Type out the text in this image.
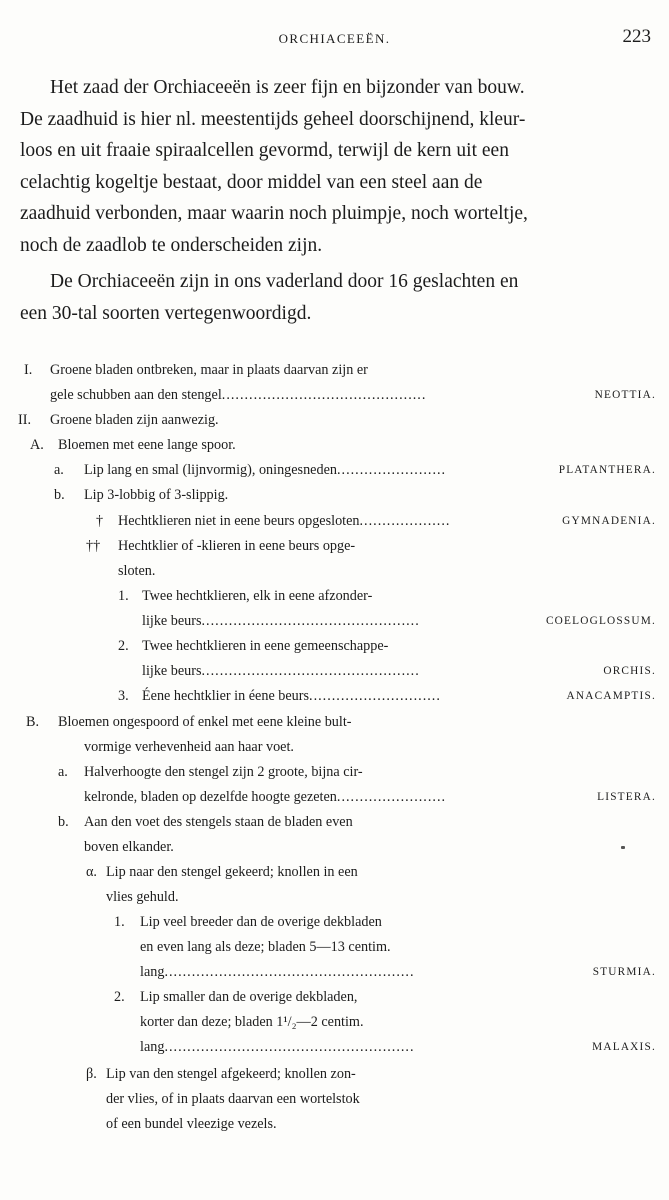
ORCHIACEEËN.	223
Het zaad der Orchiaceeën is zeer fijn en bijzonder van bouw.
De zaadhuid is hier nl. meestentijds geheel doorschijnend, kleur-
loos en uit fraaie spiraalcellen gevormd, terwijl de kern uit een
celachtig kogeltje bestaat, door middel van een steel aan de
zaadhuid verbonden, maar waarin noch pluimpje, noch worteltje,
noch de zaadlob te onderscheiden zijn.
De Orchiaceeën zijn in ons vaderland door 16 geslachten en
een 30-tal soorten vertegenwoordigd.
I. Groene bladen ontbreken, maar in plaats daarvan zijn er
gele schubben aan den stengel.............................................	NEOTTIA.
II. Groene bladen zijn aanwezig.
A. Bloemen met eene lange spoor.
a. Lip lang en smal (lijnvormig), oningesneden........................	PLATANTHERA.
b. Lip 3-lobbig of 3-slippig.
† Hechtklieren niet in eene beurs opgesloten....................	GYMNADENIA.
†† Hechtklier of -klieren in eene beurs opge-
sloten.
1. Twee hechtklieren, elk in eene afzonder-
lijke beurs................................................	COELOGLOSSUM.
2. Twee hechtklieren in eene gemeenschappe-
lijke beurs................................................	ORCHIS.
3. Éene hechtklier in éene beurs.............................	ANACAMPTIS.
B. Bloemen ongespoord of enkel met eene kleine bult-
vormige verhevenheid aan haar voet.
a. Halverhoogte den stengel zijn 2 groote, bijna cir-
kelronde, bladen op dezelfde hoogte gezeten........................	LISTERA.
b. Aan den voet des stengels staan de bladen even
boven elkander.
α. Lip naar den stengel gekeerd; knollen in een
vlies gehuld.
1. Lip veel breeder dan de overige dekbladen
en even lang als deze; bladen 5—13 centim.
lang.......................................................	STURMIA.
2. Lip smaller dan de overige dekbladen,
korter dan deze; bladen 1¹/₂—2 centim.
lang.......................................................	MALAXIS.
β. Lip van den stengel afgekeerd; knollen zon-
der vlies, of in plaats daarvan een wortelstok
of een bundel vleezige vezels.
